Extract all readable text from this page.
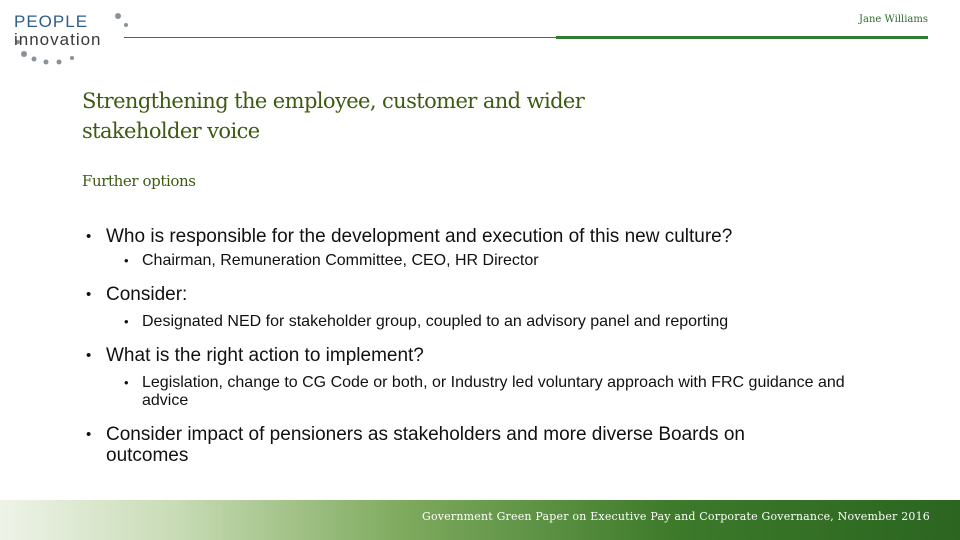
PEOPLE
innovation
Jane Williams
Strengthening the employee, customer and wider stakeholder voice
Further options

• Who is responsible for the development and execution of this new culture?

• Chairman, Remuneration Committee, CEO, HR Director

• Consider:

• Designated NED for stakeholder group, coupled to an advisory panel and reporting

• What is the right action to implement?

• Legislation, change to CG Code or both, or Industry led voluntary approach with FRC guidance and advice

• Consider impact of pensioners as stakeholders and more diverse Boards on outcomes

Government Green Paper on Executive Pay and Corporate Governance, November 2016
